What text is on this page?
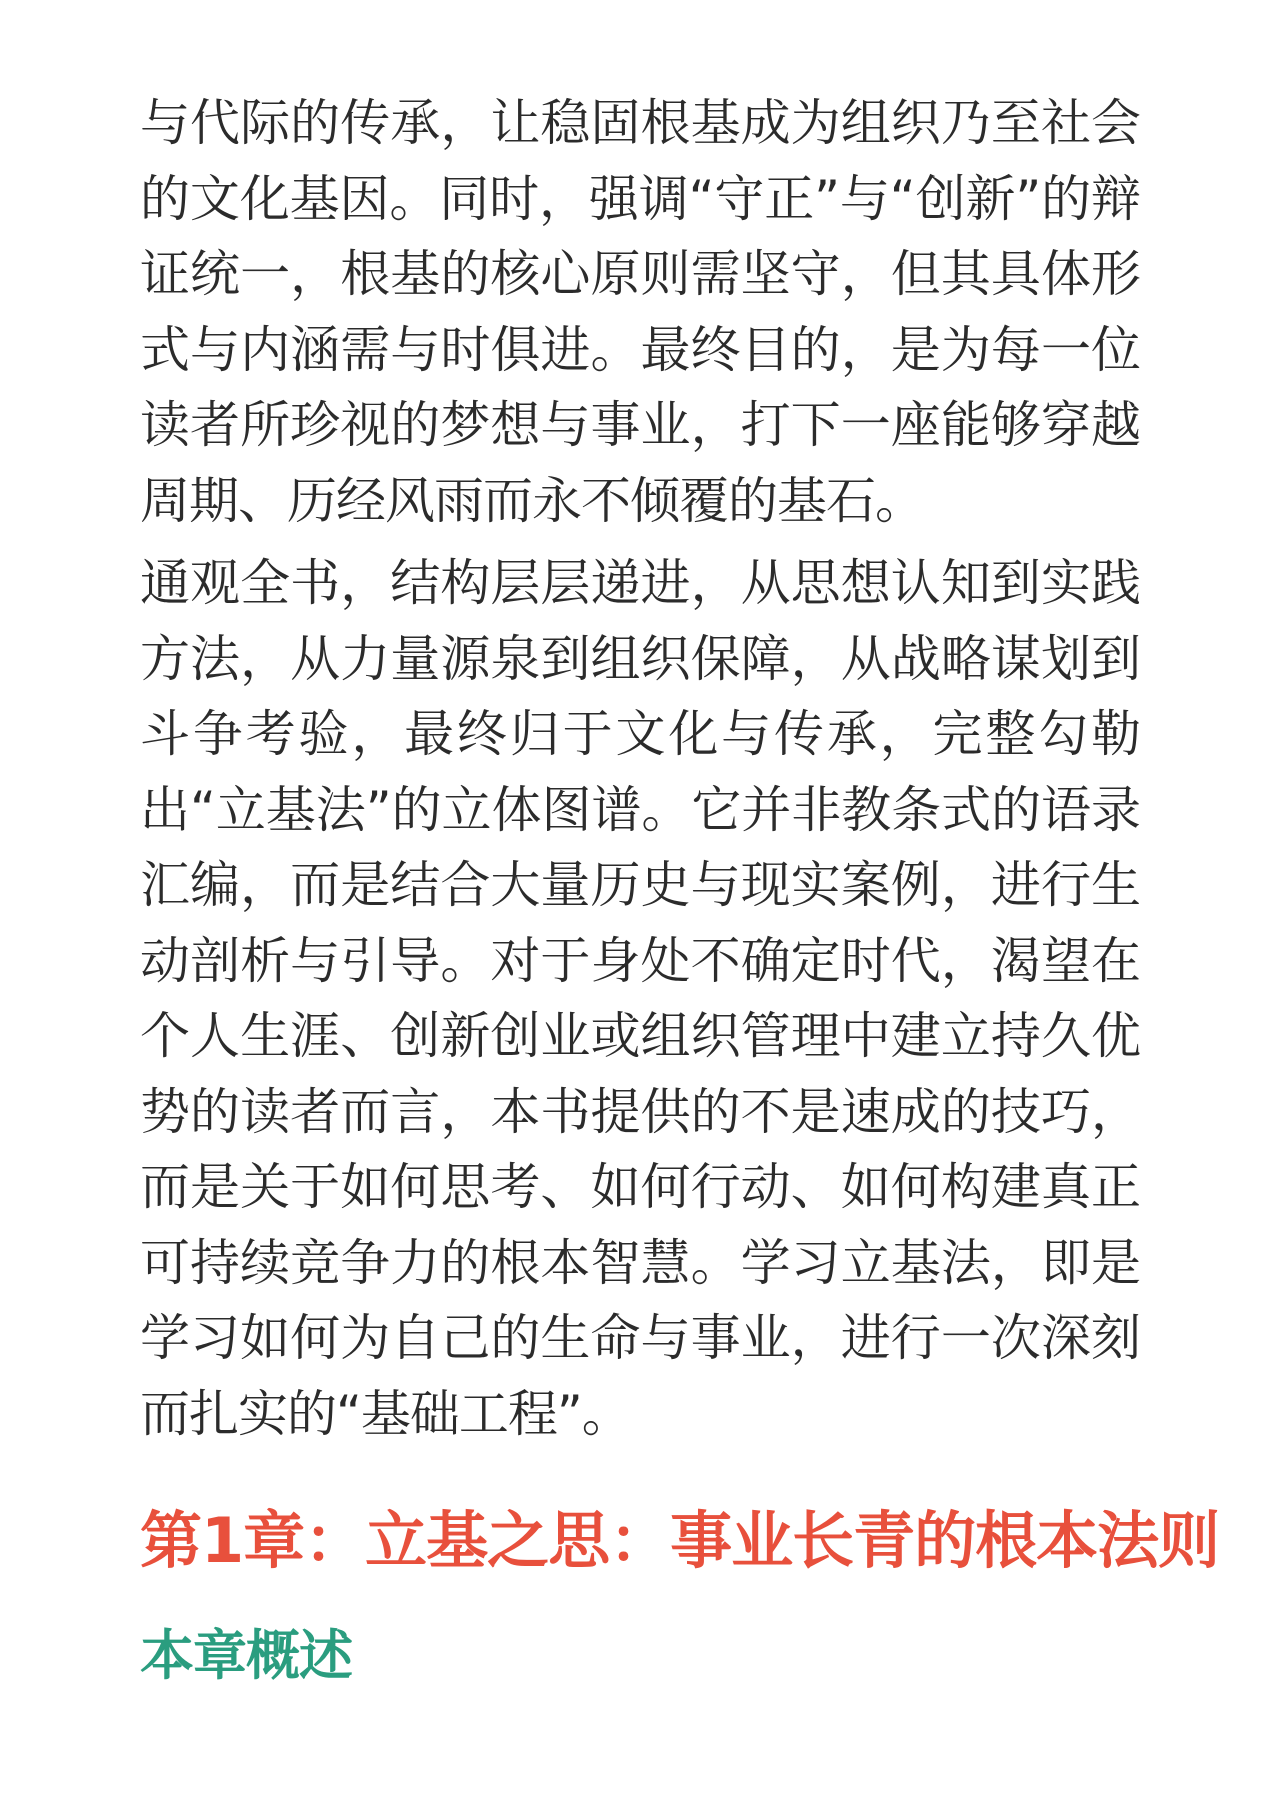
与代际的传承，让稳固根基成为组织乃至社会的文化基因。同时，强调“守正”与“创新”的辩证统一，根基的核心原则需坚守，但其具体形式与内涵需与时俱进。最终目的，是为每一位读者所珍视的梦想与事业，打下一座能够穿越周期、历经风雨而永不倾覆的基石。

通观全书，结构层层递进，从思想认知到实践方法，从力量源泉到组织保障，从战略谋划到斗争考验，最终归于文化与传承，完整勾勒出“立基法”的立体图谱。它并非教条式的语录汇编，而是结合大量历史与现实案例，进行生动剖析与引导。对于身处不确定时代，渴望在个人生涯、创新创业或组织管理中建立持久优势的读者而言，本书提供的不是速成的技巧，而是关于如何思考、如何行动、如何构建真正可持续竞争力的根本智慧。学习立基法，即是学习如何为自己的生命与事业，进行一次深刻而扎实的“基础工程”。

第1章：立基之思：事业长青的根本法则
本章概述
